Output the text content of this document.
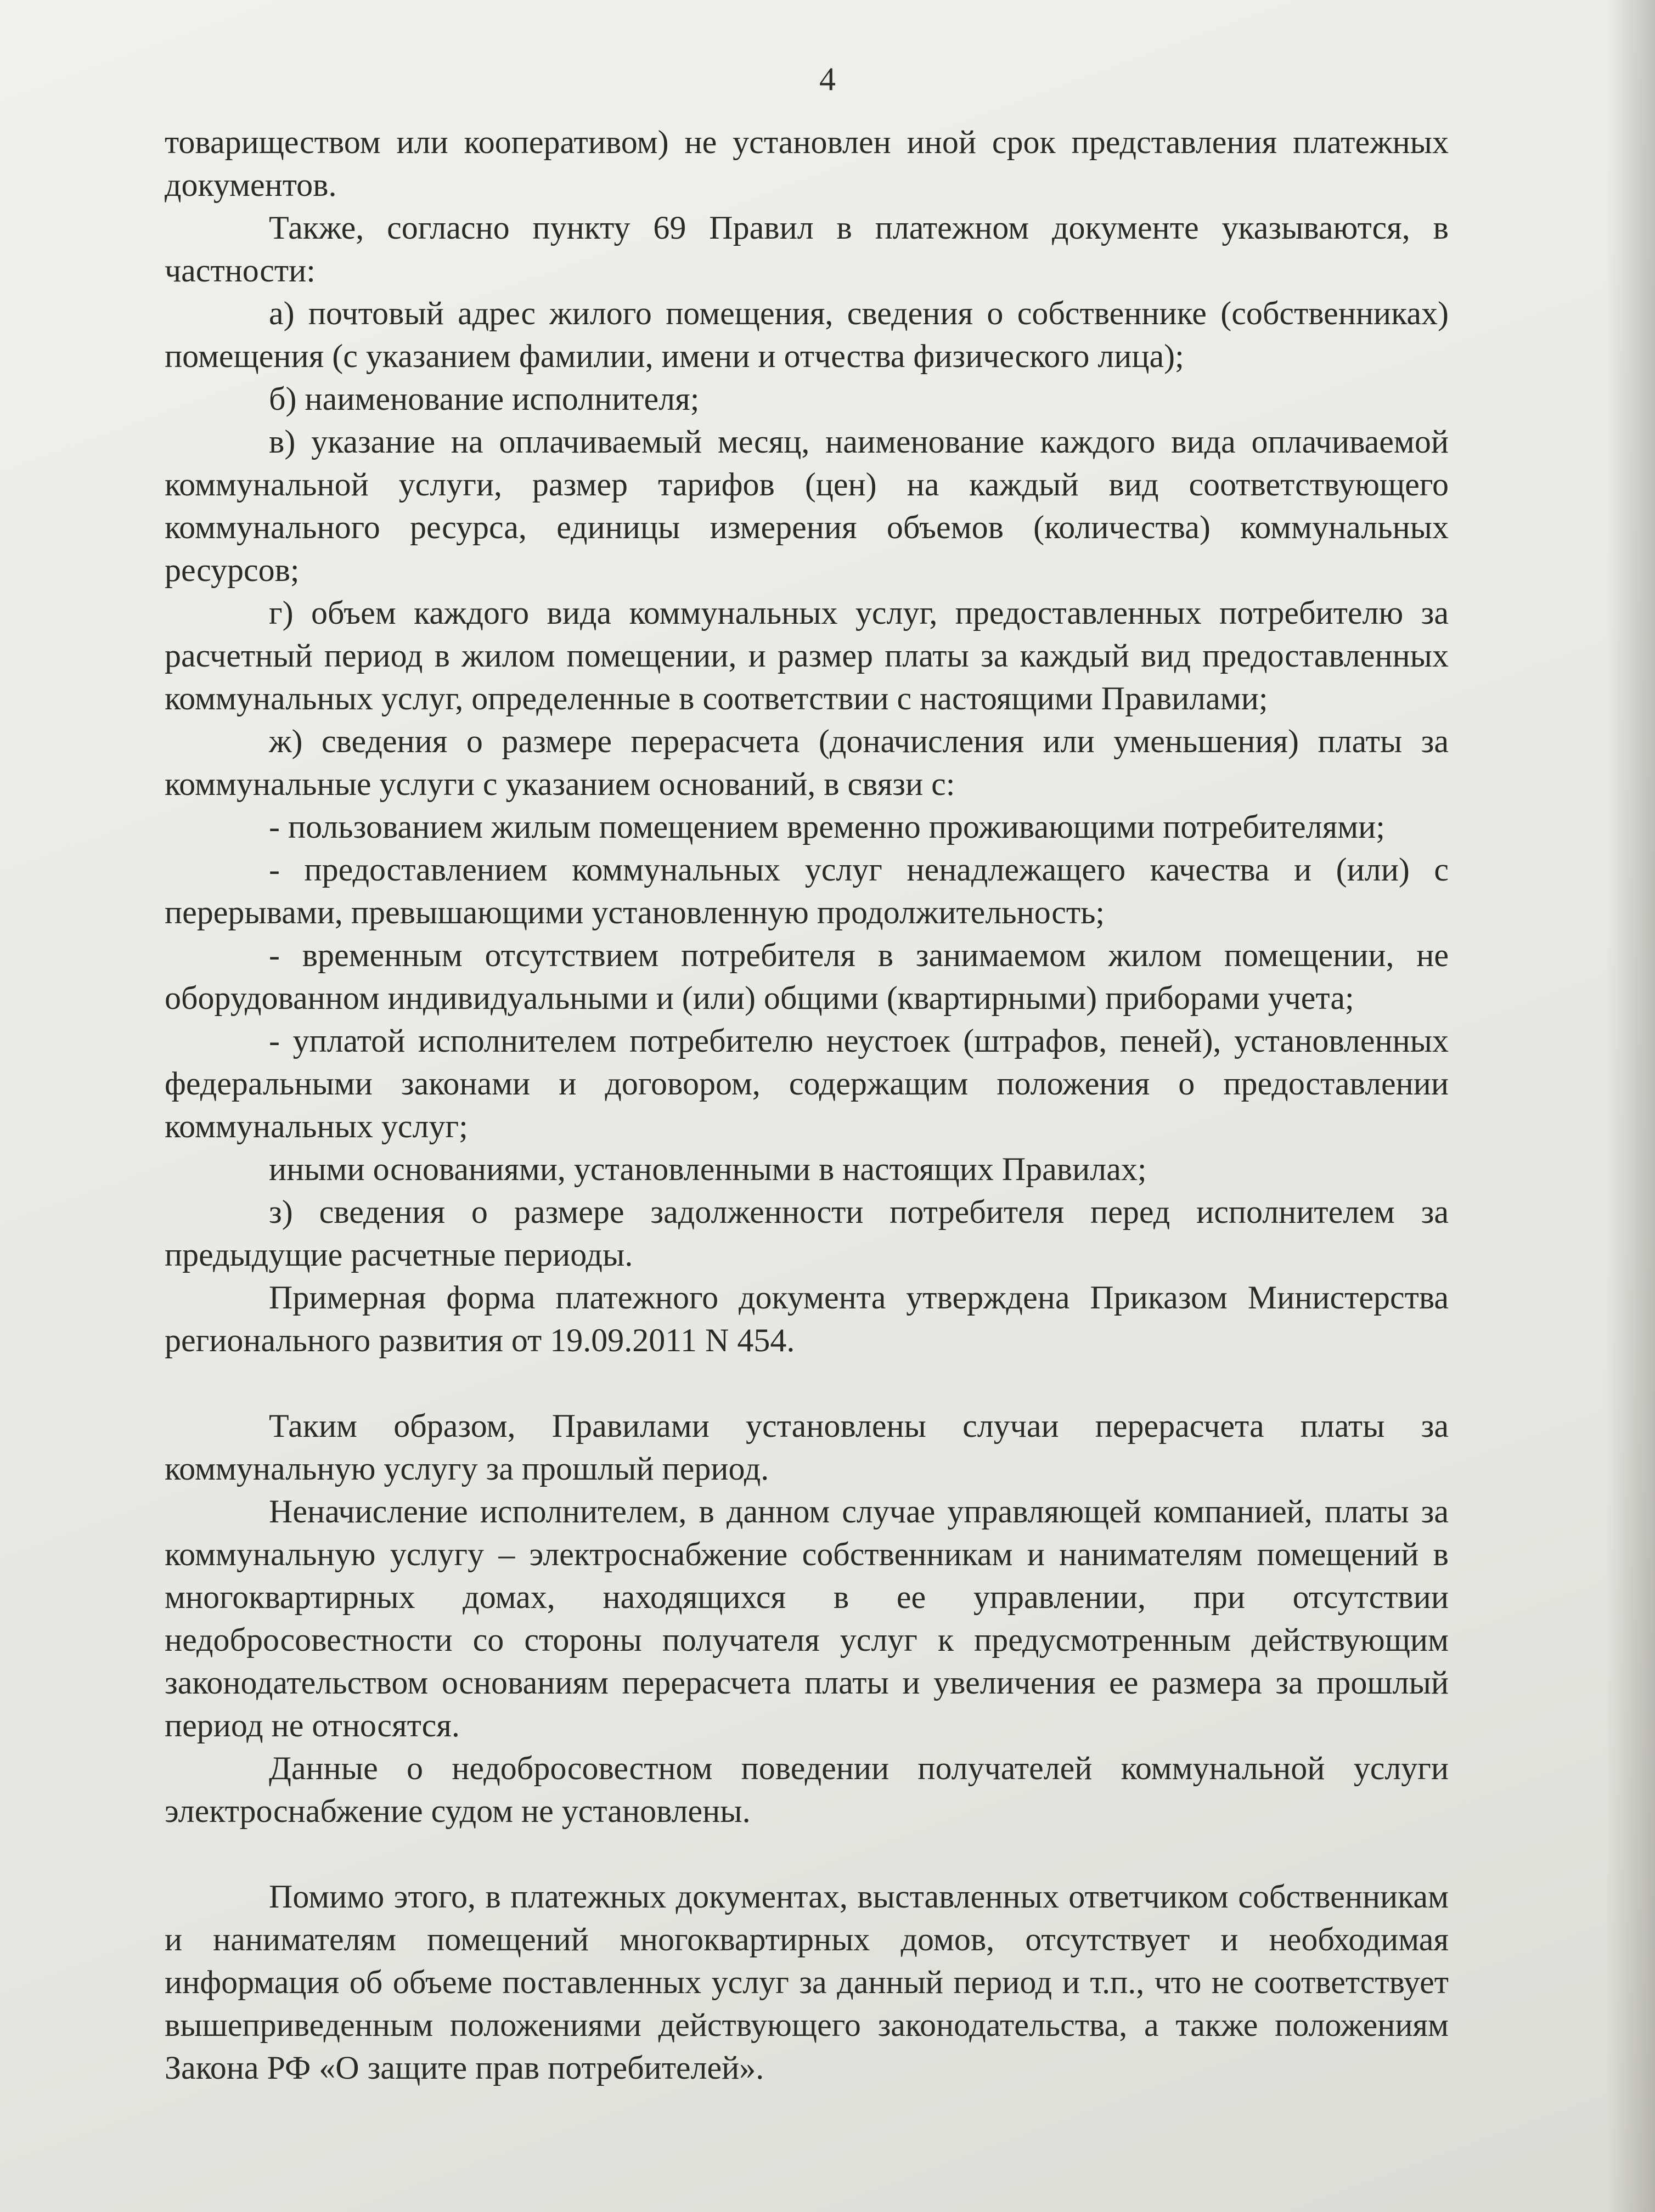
4

товариществом или кооперативом) не установлен иной срок представления платежных документов.

Также, согласно пункту 69 Правил в платежном документе указываются, в частности:

а) почтовый адрес жилого помещения, сведения о собственнике (собственниках) помещения (с указанием фамилии, имени и отчества физического лица);

б) наименование исполнителя;

в) указание на оплачиваемый месяц, наименование каждого вида оплачиваемой коммунальной услуги, размер тарифов (цен) на каждый вид соответствующего коммунального ресурса, единицы измерения объемов (количества) коммунальных ресурсов;

г) объем каждого вида коммунальных услуг, предоставленных потребителю за расчетный период в жилом помещении, и размер платы за каждый вид предоставленных коммунальных услуг, определенные в соответствии с настоящими Правилами;

ж) сведения о размере перерасчета (доначисления или уменьшения) платы за коммунальные услуги с указанием оснований, в связи с:

- пользованием жилым помещением временно проживающими потребителями;

- предоставлением коммунальных услуг ненадлежащего качества и (или) с перерывами, превышающими установленную продолжительность;

- временным отсутствием потребителя в занимаемом жилом помещении, не оборудованном индивидуальными и (или) общими (квартирными) приборами учета;

- уплатой исполнителем потребителю неустоек (штрафов, пеней), установленных федеральными законами и договором, содержащим положения о предоставлении коммунальных услуг;

иными основаниями, установленными в настоящих Правилах;

з) сведения о размере задолженности потребителя перед исполнителем за предыдущие расчетные периоды.

Примерная форма платежного документа утверждена Приказом Министерства регионального развития от 19.09.2011 N 454.

Таким образом, Правилами установлены случаи перерасчета платы за коммунальную услугу за прошлый период.

Неначисление исполнителем, в данном случае управляющей компанией, платы за коммунальную услугу – электроснабжение собственникам и нанимателям помещений в многоквартирных домах, находящихся в ее управлении, при отсутствии недобросовестности со стороны получателя услуг к предусмотренным действующим законодательством основаниям перерасчета платы и увеличения ее размера за прошлый период не относятся.

Данные о недобросовестном поведении получателей коммунальной услуги электроснабжение судом не установлены.

Помимо этого, в платежных документах, выставленных ответчиком собственникам и нанимателям помещений многоквартирных домов, отсутствует и необходимая информация об объеме поставленных услуг за данный период и т.п., что не соответствует вышеприведенным положениями действующего законодательства, а также положениям Закона РФ «О защите прав потребителей».
